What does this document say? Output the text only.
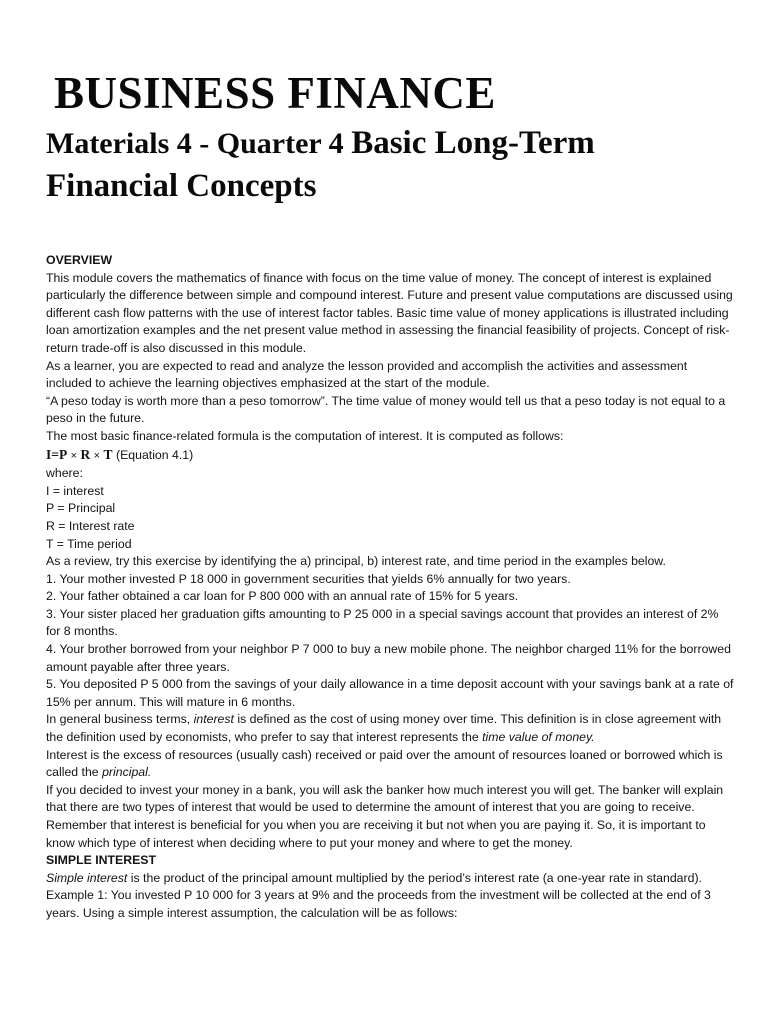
BUSINESS FINANCE
Materials 4 - Quarter 4 Basic Long-Term Financial Concepts

OVERVIEW

This module covers the mathematics of finance with focus on the time value of money. The concept of interest is explained particularly the difference between simple and compound interest. Future and present value computations are discussed using different cash flow patterns with the use of interest factor tables. Basic time value of money applications is illustrated including loan amortization examples and the net present value method in assessing the financial feasibility of projects. Concept of risk-return trade-off is also discussed in this module.

As a learner, you are expected to read and analyze the lesson provided and accomplish the activities and assessment included to achieve the learning objectives emphasized at the start of the module.

“A peso today is worth more than a peso tomorrow”. The time value of money would tell us that a peso today is not equal to a peso in the future.

The most basic finance-related formula is the computation of interest. It is computed as follows:

I=P × R × T (Equation 4.1)

where:

I = interest

P = Principal

R = Interest rate

T = Time period

As a review, try this exercise by identifying the a) principal, b) interest rate, and time period in the examples below.

1. Your mother invested P 18 000 in government securities that yields 6% annually for two years.

2. Your father obtained a car loan for P 800 000 with an annual rate of 15% for 5 years.

3. Your sister placed her graduation gifts amounting to P 25 000 in a special savings account that provides an interest of 2% for 8 months.

4. Your brother borrowed from your neighbor P 7 000 to buy a new mobile phone. The neighbor charged 11% for the borrowed amount payable after three years.

5. You deposited P 5 000 from the savings of your daily allowance in a time deposit account with your savings bank at a rate of 15% per annum. This will mature in 6 months.

In general business terms, interest is defined as the cost of using money over time. This definition is in close agreement with the definition used by economists, who prefer to say that interest represents the time value of money.

Interest is the excess of resources (usually cash) received or paid over the amount of resources loaned or borrowed which is called the principal.

If you decided to invest your money in a bank, you will ask the banker how much interest you will get. The banker will explain that there are two types of interest that would be used to determine the amount of interest that you are going to receive. Remember that interest is beneficial for you when you are receiving it but not when you are paying it. So, it is important to know which type of interest when deciding where to put your money and where to get the money.

SIMPLE INTEREST

Simple interest is the product of the principal amount multiplied by the period’s interest rate (a one-year rate in standard).

Example 1: You invested P 10 000 for 3 years at 9% and the proceeds from the investment will be collected at the end of 3 years. Using a simple interest assumption, the calculation will be as follows:
